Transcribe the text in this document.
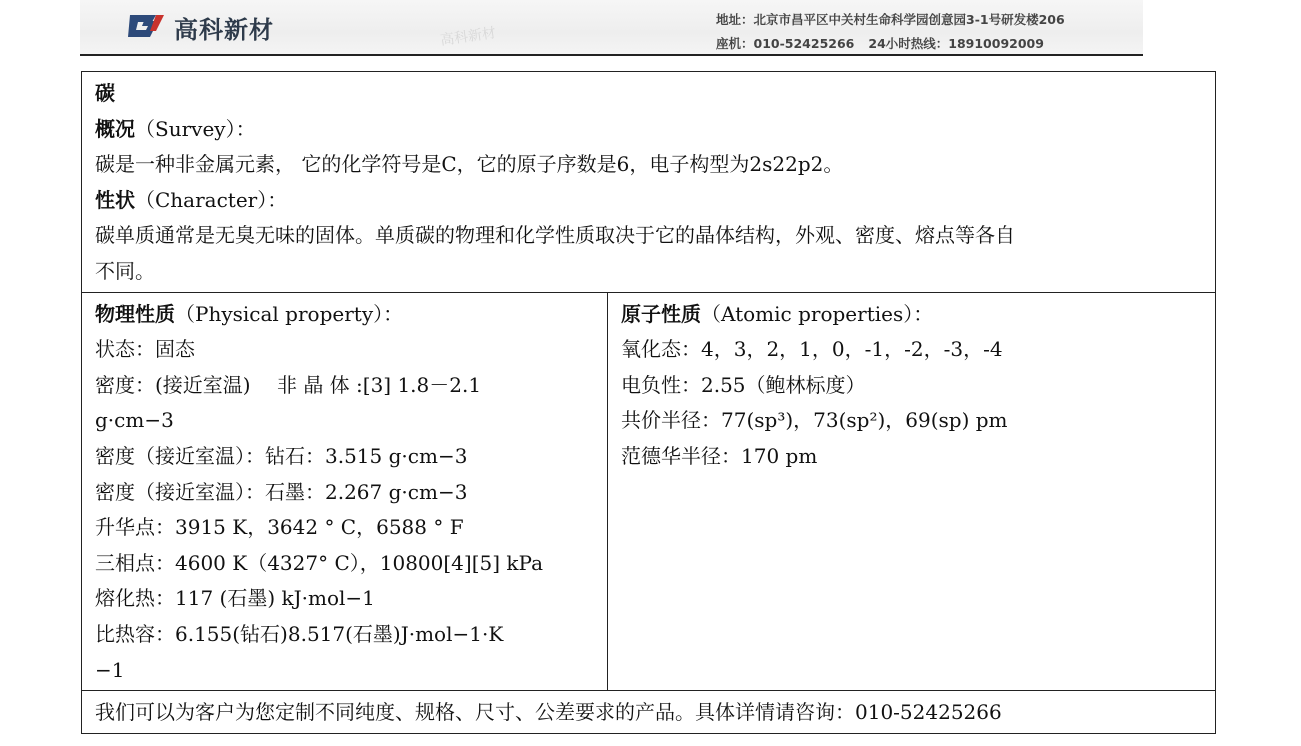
高科新材	高科新材
地址：北京市昌平区中关村生命科学园创意园3-1号研发楼206
座机：010-52425266 24小时热线：18910092009
碳
概况（Survey）：
碳是一种非金属元素， 它的化学符号是C，它的原子序数是6，电子构型为2s22p2。
性状（Character）：
碳单质通常是无臭无味的固体。单质碳的物理和化学性质取决于它的晶体结构，外观、密度、熔点等各自
不同。

物理性质（Physical property）：
状态：固态
密度：(接近室温)　 非 晶 体 :[3] 1.8－2.1
g·cm−3
密度（接近室温）：钻石：3.515 g·cm−3
密度（接近室温）：石墨：2.267 g·cm−3
升华点：3915 K，3642 ° C，6588 ° F
三相点：4600 K（4327° C），10800[4][5] kPa
熔化热：117 (石墨) kJ·mol−1
比热容：6.155(钻石)8.517(石墨)J·mol−1·K
−1

原子性质（Atomic properties）：
氧化态：4，3，2，1，0，-1，-2，-3，-4
电负性：2.55（鲍林标度）
共价半径：77(sp³)，73(sp²)，69(sp) pm
范德华半径：170 pm

我们可以为客户为您定制不同纯度、规格、尺寸、公差要求的产品。具体详情请咨询：010-52425266
